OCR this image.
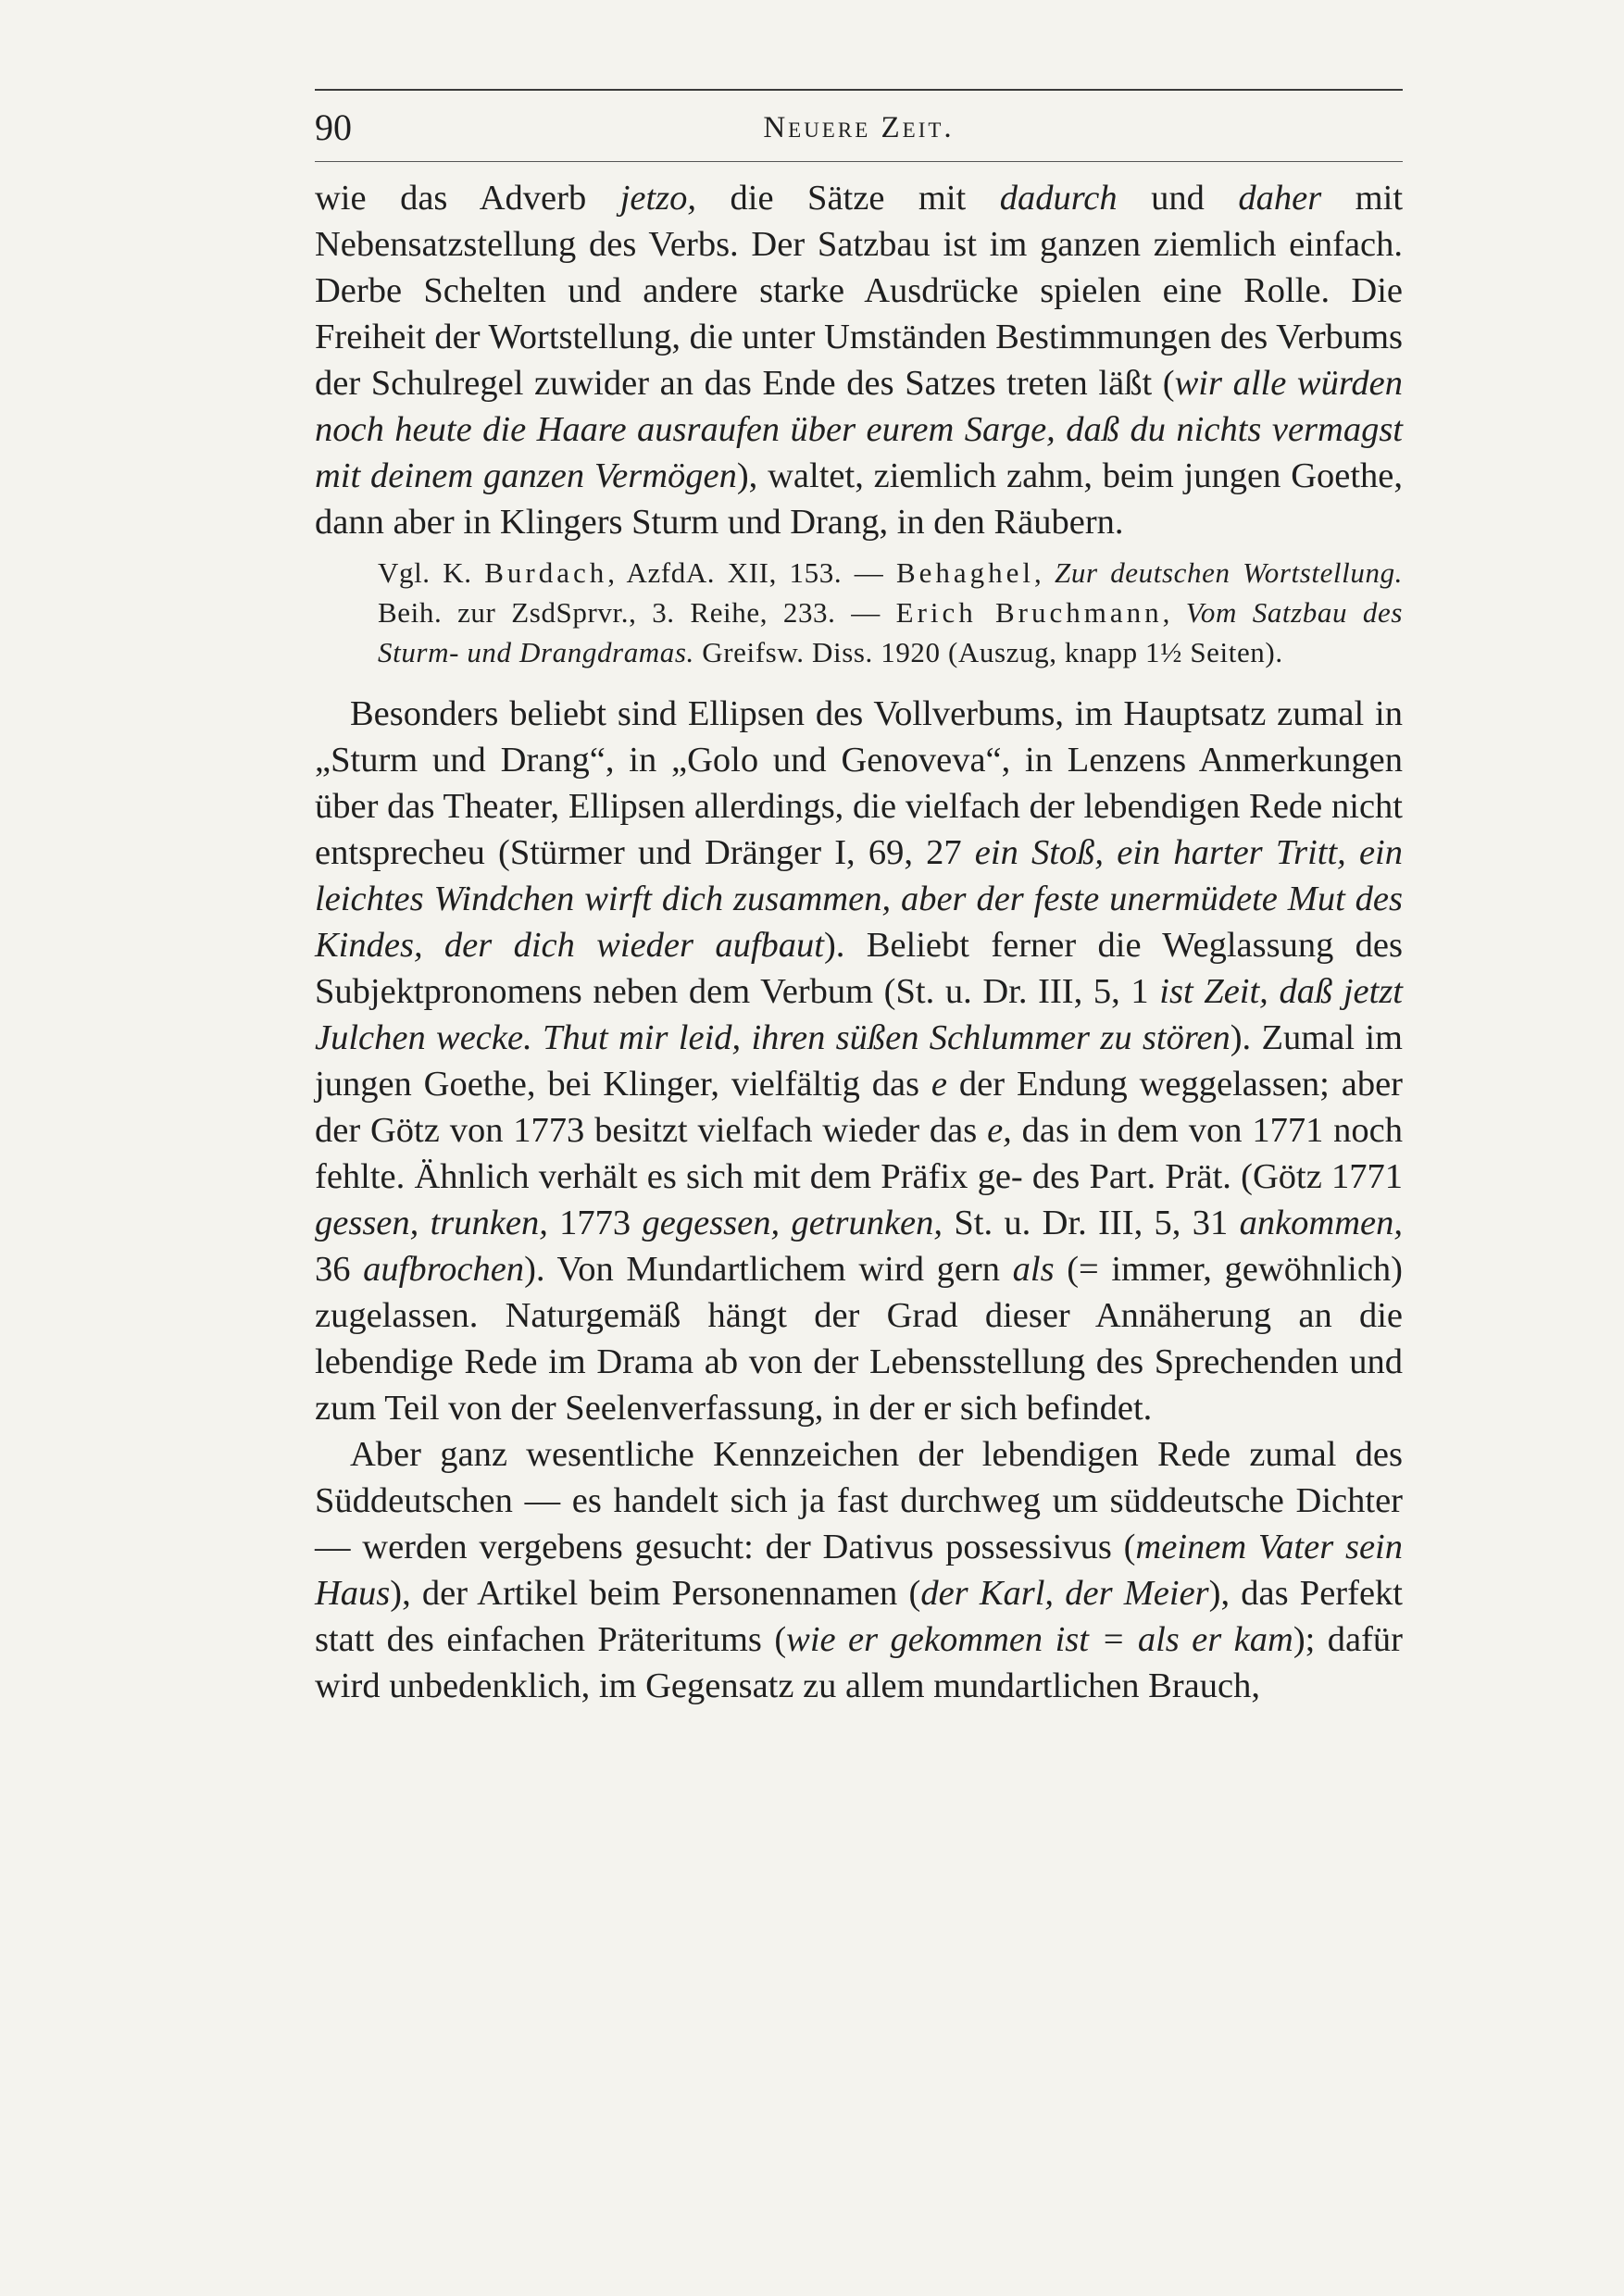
90	Neuere Zeit.

wie das Adverb jetzo, die Sätze mit dadurch und daher mit Nebensatzstellung des Verbs. Der Satzbau ist im ganzen ziemlich einfach. Derbe Schelten und andere starke Ausdrücke spielen eine Rolle. Die Freiheit der Wortstellung, die unter Umständen Bestimmungen des Verbums der Schulregel zuwider an das Ende des Satzes treten läßt (wir alle würden noch heute die Haare ausraufen über eurem Sarge, daß du nichts vermagst mit deinem ganzen Vermögen), waltet, ziemlich zahm, beim jungen Goethe, dann aber in Klingers Sturm und Drang, in den Räubern.

Vgl. K. Burdach, AzfdA. XII, 153. — Behaghel, Zur deutschen Wortstellung. Beih. zur ZsdSprvr., 3. Reihe, 233. — Erich Bruchmann, Vom Satzbau des Sturm- und Drangdramas. Greifsw. Diss. 1920 (Auszug, knapp 1½ Seiten).

Besonders beliebt sind Ellipsen des Vollverbums, im Hauptsatz zumal in „Sturm und Drang“, in „Golo und Genoveva“, in Lenzens Anmerkungen über das Theater, Ellipsen allerdings, die vielfach der lebendigen Rede nicht entsprecheu (Stürmer und Dränger I, 69, 27 ein Stoß, ein harter Tritt, ein leichtes Windchen wirft dich zusammen, aber der feste unermüdete Mut des Kindes, der dich wieder aufbaut). Beliebt ferner die Weglassung des Subjektpronomens neben dem Verbum (St. u. Dr. III, 5, 1 ist Zeit, daß jetzt Julchen wecke. Thut mir leid, ihren süßen Schlummer zu stören). Zumal im jungen Goethe, bei Klinger, vielfältig das e der Endung weggelassen; aber der Götz von 1773 besitzt vielfach wieder das e, das in dem von 1771 noch fehlte. Ähnlich verhält es sich mit dem Präfix ge- des Part. Prät. (Götz 1771 gessen, trunken, 1773 gegessen, getrunken, St. u. Dr. III, 5, 31 ankommen, 36 aufbrochen). Von Mundartlichem wird gern als (= immer, gewöhnlich) zugelassen. Naturgemäß hängt der Grad dieser Annäherung an die lebendige Rede im Drama ab von der Lebensstellung des Sprechenden und zum Teil von der Seelenverfassung, in der er sich befindet.

Aber ganz wesentliche Kennzeichen der lebendigen Rede zumal des Süddeutschen — es handelt sich ja fast durchweg um süddeutsche Dichter — werden vergebens gesucht: der Dativus possessivus (meinem Vater sein Haus), der Artikel beim Personennamen (der Karl, der Meier), das Perfekt statt des einfachen Präteritums (wie er gekommen ist = als er kam); dafür wird unbedenklich, im Gegensatz zu allem mundartlichen Brauch,
